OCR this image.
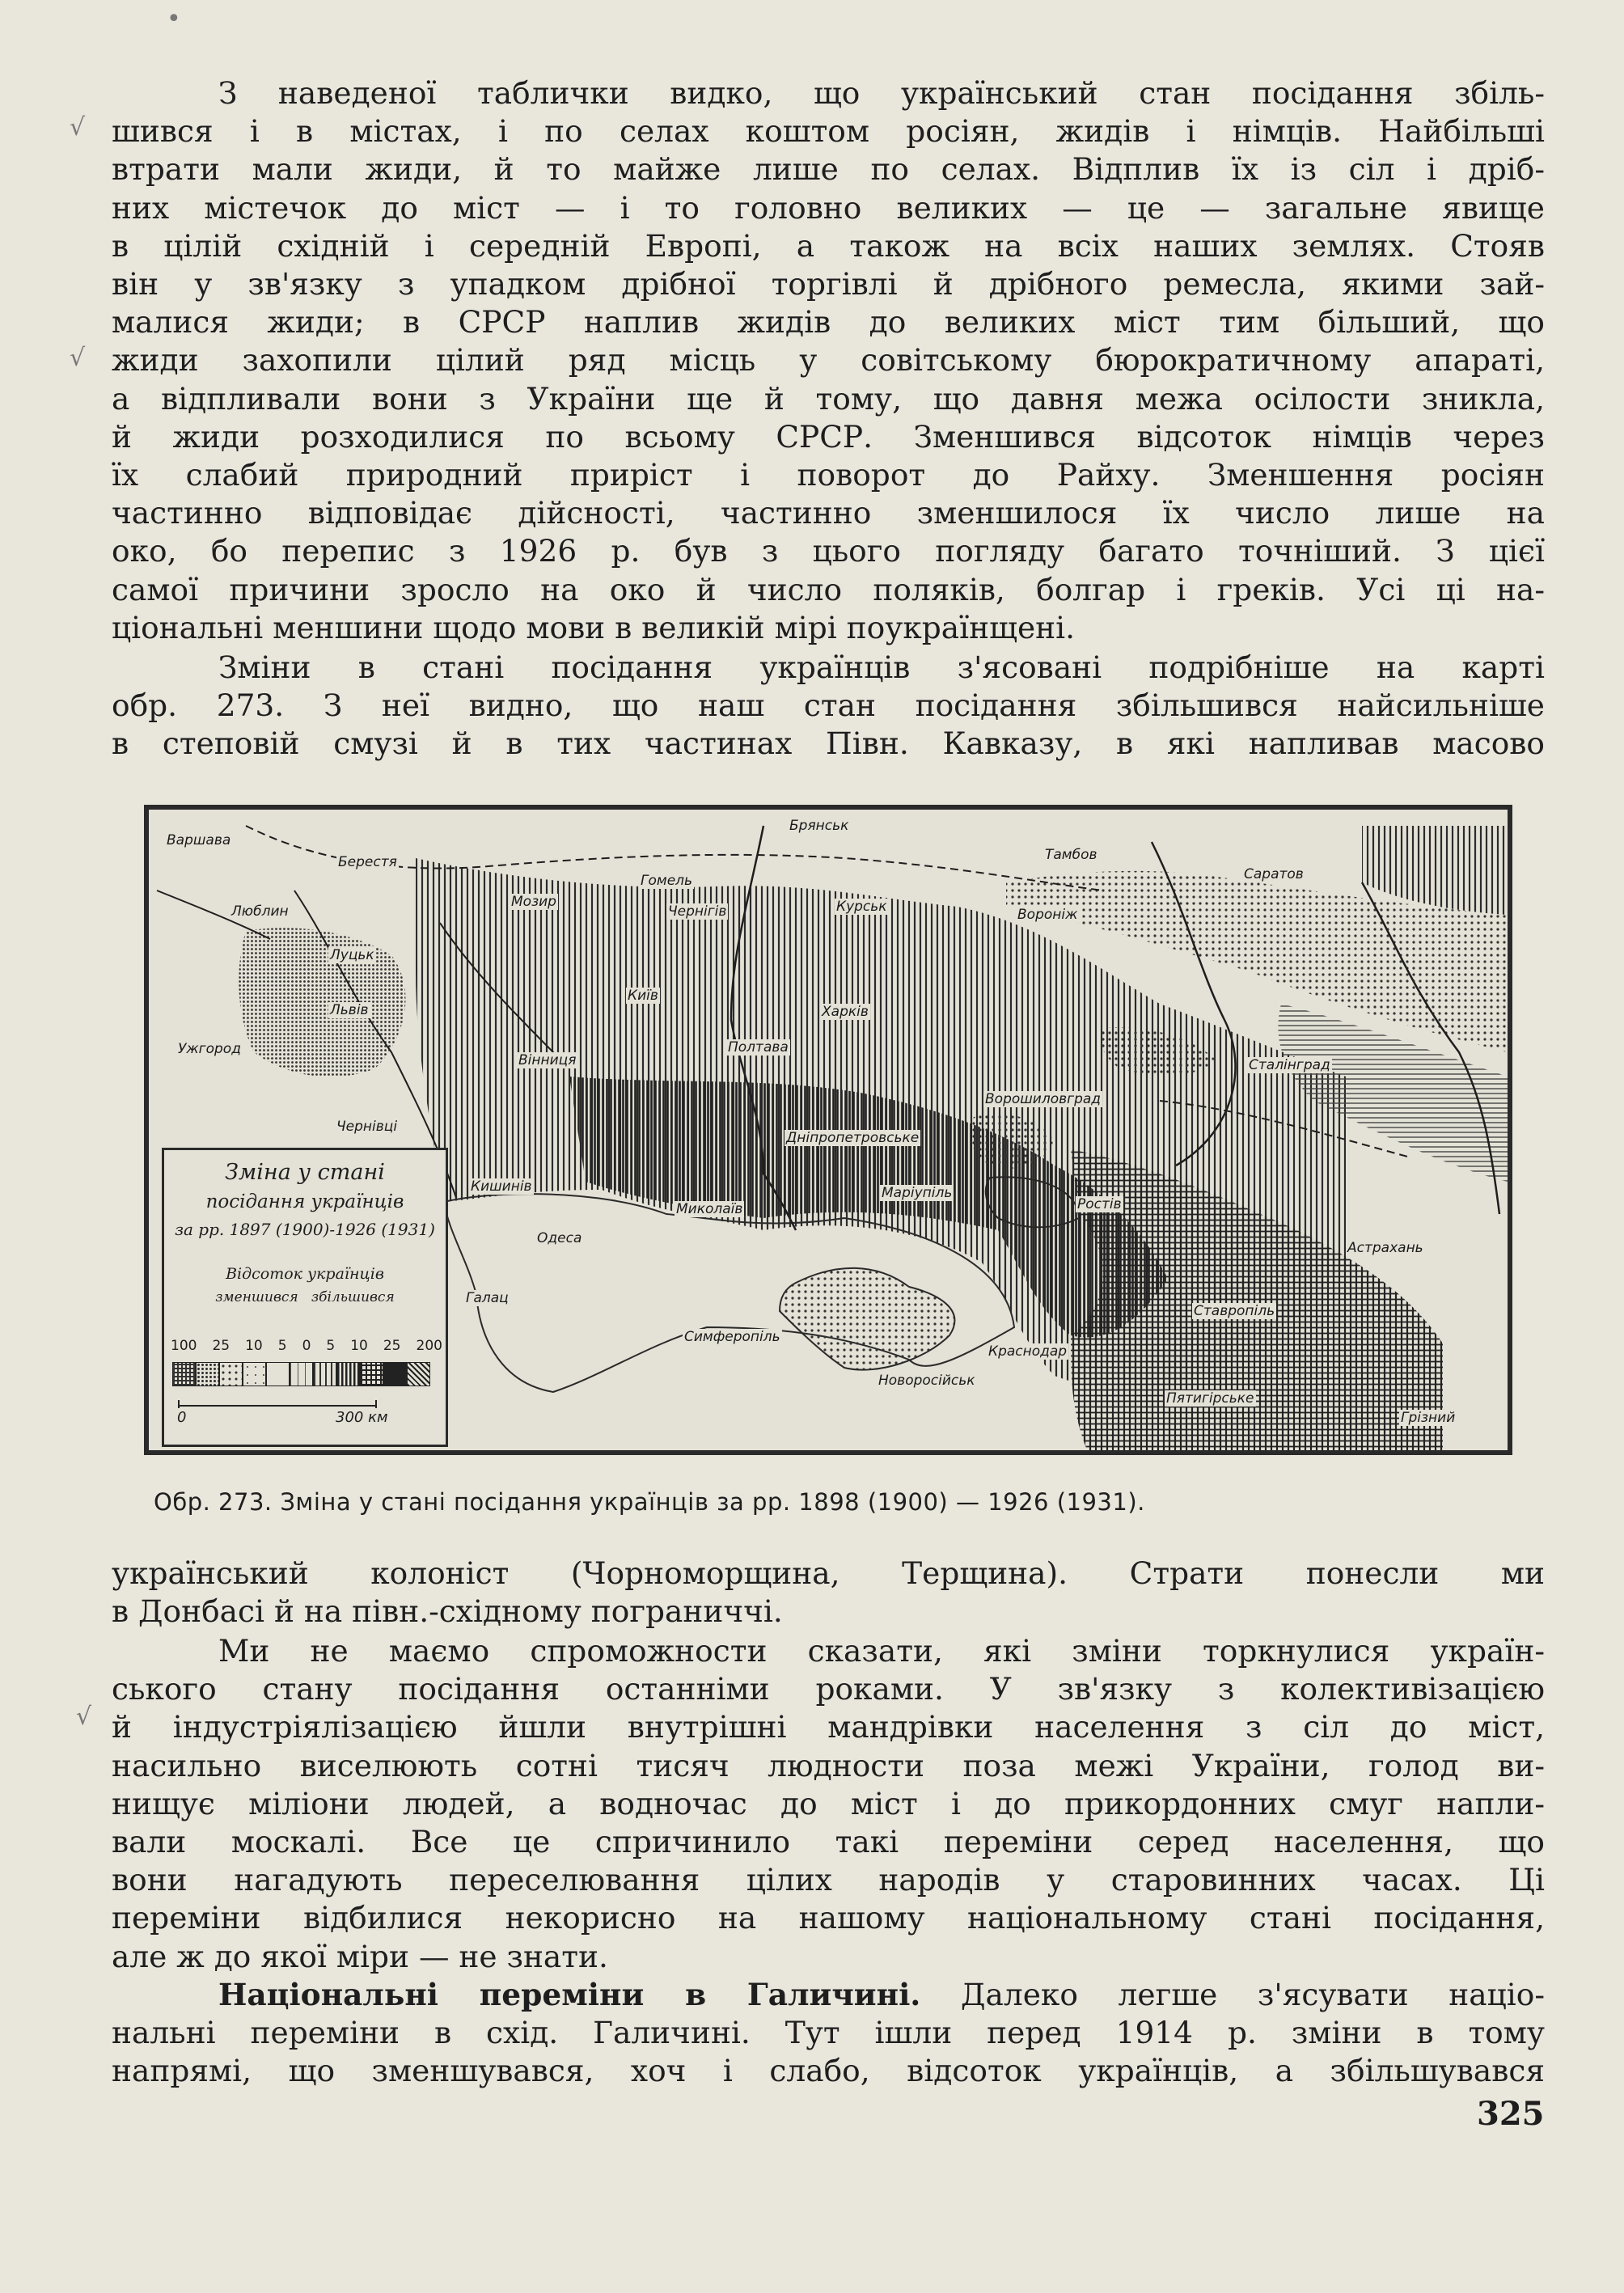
•
√
√
√
З наведеної таблички видко, що український стан посідання збіль-
шився і в містах, і по селах коштом росіян, жидів і німців. Найбільші
втрати мали жиди, й то майже лише по селах. Відплив їх із сіл і дріб-
них містечок до міст — і то головно великих — це — загальне явище
в цілій східній і середній Европі, а також на всіх наших землях. Стояв
він у зв'язку з упадком дрібної торгівлі й дрібного ремесла, якими зай-
малися жиди; в СРСР наплив жидів до великих міст тим більший, що
жиди захопили цілий ряд місць у совітському бюрократичному апараті,
а відпливали вони з України ще й тому, що давня межа осілости зникла,
й жиди розходилися по всьому СРСР. Зменшився відсоток німців через
їх слабий природний приріст і поворот до Райху. Зменшення росіян
частинно відповідає дійсності, частинно зменшилося їх число лише на
око, бо перепис з 1926 р. був з цього погляду багато точніший. З цієї
самої причини зросло на око й число поляків, болгар і греків. Усі ці на-
ціональні меншини щодо мови в великій мірі поукраїнщені.
Зміни в стані посідання українців з'ясовані подрібніше на карті
обр. 273. З неї видно, що наш стан посідання збільшився найсильніше
в степовій смузі й в тих частинах Півн. Кавказу, в які напливав масово
Варшава
Берестя
Люблин
Луцьк
Львів
Ужгород
Чернівці
Вінниця
Мозир
Гомель
Чернігів
Київ
Брянськ
Курськ	Воронiж
Тамбов
Саратов
Харків
Полтава
Дніпропетровське
Ворошиловград
Сталінград
Кишинів
Одеса
Миколаїв
Маріупіль
Ростів
Астрахань
Галац
Симферопіль
Краснодар
Новоросійськ
Ставропіль
Пятигірське
Грізний
Зміна у стані
посідання українців
за рр. 1897 (1900)-1926 (1931)
Відсоток українців
зменшився   збільшився
100 25 10 5 0 5 10 25 200
0	300 км
Обр. 273. Зміна у стані посідання українців за рр. 1898 (1900) — 1926 (1931).
український колоніст (Чорноморщина, Терщина). Страти понесли ми
в Донбасі й на півн.-східному пограниччі.
Ми не маємо спроможности сказати, які зміни торкнулися україн-
ського стану посідання останніми роками. У зв'язку з колективізацією
й індустріялізацією йшли внутрішні мандрівки населення з сіл до міст,
насильно виселюють сотні тисяч людности поза межі України, голод ви-
нищує міліони людей, а водночас до міст і до прикордонних смуг напли-
вали москалі. Все це спричинило такі переміни серед населення, що
вони нагадують переселювання цілих народів у старовинних часах. Ці
переміни відбилися некорисно на нашому національному стані посідання,
але ж до якої міри — не знати.
Національні переміни в Галичині. Далеко легше з'ясувати націо-
нальні переміни в схід. Галичині. Тут ішли перед 1914 р. зміни в тому
напрямі, що зменшувався, хоч і слабо, відсоток українців, а збільшувався
325
